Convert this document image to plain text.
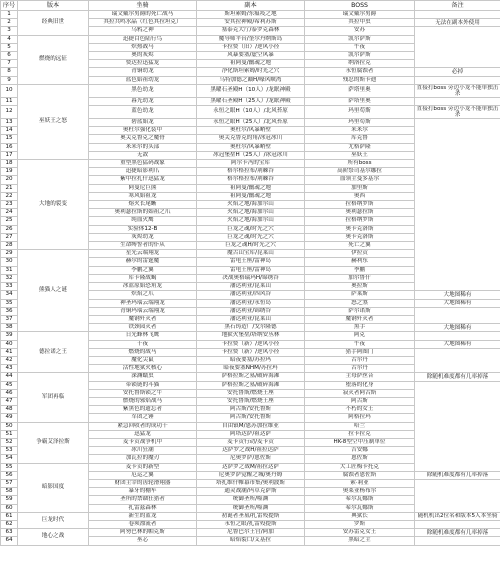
序号	版本	坐骑	副本	BOSS	备注
1	经典旧世	瑞文戴尔男爵的死亡战马	斯坦索姆/东瘟疫之地	瑞文戴尔男爵	
2		其拉共鸣水晶（红色其拉坦克）	安其拉神殿/希利苏斯	其拉甲虫	无法在副本外使用
3		乌鸦之神	塞泰克大厅/泰罗克森林	安苏	
4	燃烧的远征	迅捷白色陆行鸟	魔导师平台/奎尔丹纳斯岛	凯尔萨斯	
5		炽热战马	卡拉赞（旧）/逆风小径	午夜	
6		奥的灰烬	风暴要塞/虚空风暴	凯尔萨斯	
7		赞达拉迅猛龙	祖阿曼/幽魂之地	纳洛拉克	
8		青铜幼龙	净化斯坦索姆/时光之穴	永恒腐蚀者	必掉
9		蓝色始祖幼龙	乌特加德之巅H/嚎风峡湾	残忍的斯卡迪	
10	巫妖王之怒	黑色幼龙	黑曜石圣殿H（10人）/龙眠神殿	萨塔里奥	直接打boss 旁边小龙不能单独击杀
11		暮光幼龙	黑曜石圣殿H（25人）/龙眠神殿	萨塔里奥	
12		蓝色幼龙	永恒之眼H（10人）/北风苔原	玛里苟斯	直接打boss 旁边小龙不能单独击杀
13		碧蓝始龙	永恒之眼H（25人）/北风苔原	玛里苟斯	
14		奥杜尔强化装甲	奥杜尔/风暴峭壁	米米尔	
15		奥关克鲁克之魔骨	奥关克鲁克的角/冰冠冰川	库克鲁	
16		米米尔的头部	奥杜尔/风暴峭壁	尤格萨隆	
17		无敌	冰冠堡垒H（25人）/冰冠冰川	巫妖王	
18	大地的裂变	重型黑色猛码战象	阿尔卡冯的宝库	所有boss	
19		迅捷暗影利爪	格尔格拉布/荆棘谷	高阶祭司基尔娜拉	
20		紫甲拉扎什迅猛龙	格尔格拉布/荆棘谷	血领主曼多基尔	
21		阿曼尼巨熊	祖阿曼/幽魂之地	加里斯	
22		寒风始祖龙	祖阿曼/幽魂之地	奥西	
23		熔火长尾蜥	火焰之地/海加尔山	拉格纳罗斯	
24		奥利瑟拉斯的始祖之爪	火焰之地/海加尔山	奥利瑟拉斯	
25		纯血火鹰	火焰之地/海加尔山	拉格纳罗斯	
26		实验体12-B	巨龙之魂/时光之穴	奥卡克洛斯	
27		灰烬幼龙	巨龙之魂/时光之穴	奥卡克洛斯	
28		生命缚誓者的仆从	巨龙之魂H/时光之穴	死亡之翼	
29	熊猫人之谜	星光云端翔龙	魔古山宝库/昆莱山	伊拉贡	
30		赫尔的雷霆魔	雷电王座/雷神岛	赫利东	
31		李鹏之翼	雷电王座/雷神岛	季鹏	
32		库卡隆战蝎	决战奥格瑞玛H/锦绣谷	加尔鲁什	
33		冰蓝原始恐角龙	潘达利亚/昆莱山	奥拉斯	
34		炽焰之爪	潘达利亚/四风谷	萨莱斯	大地图稀有
35		神圣玛瑙云端翔龙	潘达利亚/永恒岛	怒之煞	大地图稀有
36		青铜玛瑙云端翔龙	潘达利亚/锦绣谷	萨尔诺斯	
37		魔钢歼灭者	潘达利亚/昆莱山	魔钢歼灭者	
38		铁颈园灭者	黑石铸造厂/戈尔隆德	黑手	大地图稀有
39	德拉诺之王	日光蜂林飞鹰	地狱火堡垒/塔纳安丛林	阿克	
40		千夜	卡拉赞（新）/逆风小径	午夜	大地图稀有
41		燃烧的战马	卡拉赞（新）/逆风小径	猎手阿图门	
42		魔化尖鼠	暗夜要塞/苏拉玛	古尔丹	
43		活性地狱火核心	暗夜要塞NHM/苏拉玛	古尔丹	
44	军团再临	深渊蠕虫	萨格拉斯之墓/破碎海滩	主母萨丝音	除随机难度都有几率掉落
45		带锁链的斗猫	萨格拉斯之墓/破碎海滩	堕落的化身	
46		安托鲁斯锁之牛	安托鲁斯/燃烧王座	寂灭者阿古斯	
47		燃烧的邪焰战马	安托鲁斯/燃烧王座	阿古斯	
48		紫黑色的遗忘者	阿古斯/安托鲁斯	不朽的女王	
49		军团之锤	阿古斯/安托鲁斯	阿格拉玛	
50	争霸艾泽拉斯	紧急回收者的成功干	自由镇M/恩苏加拉维亚	哈兰	
51		迅猛龙	阿塔达萨/祖达萨	拉卡拉克	
52		麦卡贡战争机甲	麦卡贡行动/麦卡贡	HK-8型空中压制单位	
53		冰川狂潮	达萨罗之战H/祖拉达萨	吉安娜	
54		加瓦拉的魔刃	尼奥罗萨/恩佐斯	恩佐斯	
55	暗影国度	麦卡贡的新型	达萨罗之战M/祖拉达萨	大工匠梅卡托克	
56		厄运之翼	尼奥罗萨觉醒之城/奥丹姆	腐蚀者恩佐斯	除随机难度都有几率掉落
57		财团主宰的齿轮滑翔器	塔扎维什帷幕市集/奥利波斯	索·莉亚	
58		暴牙的棚车	通灵战潮/玛卓克萨斯	奥莱亚杨布尔	
59		圣所的禁锢狂猎者	统御圣所/噬渊	希尔瓦娜斯	
60		扎雷兹森林	统御圣所/噬渊	希尔瓦娜斯	
61	巨龙时代	新生的蓝龙	初诞者圣墓/扎雷殁提斯	典狱长	随机机出2位名和版本5人本坐骑
62		卷须漂流者	永恒之眼/扎雷殁提斯	罗斯	
63	地心之战	阿努巴林的帕克斯	尼鲁巴尔王宫/阿加	安苏雷克女王	除随机难度都有几率掉落
64		巫芯	暗焰裂口/艾基拉	黑暗之主	
